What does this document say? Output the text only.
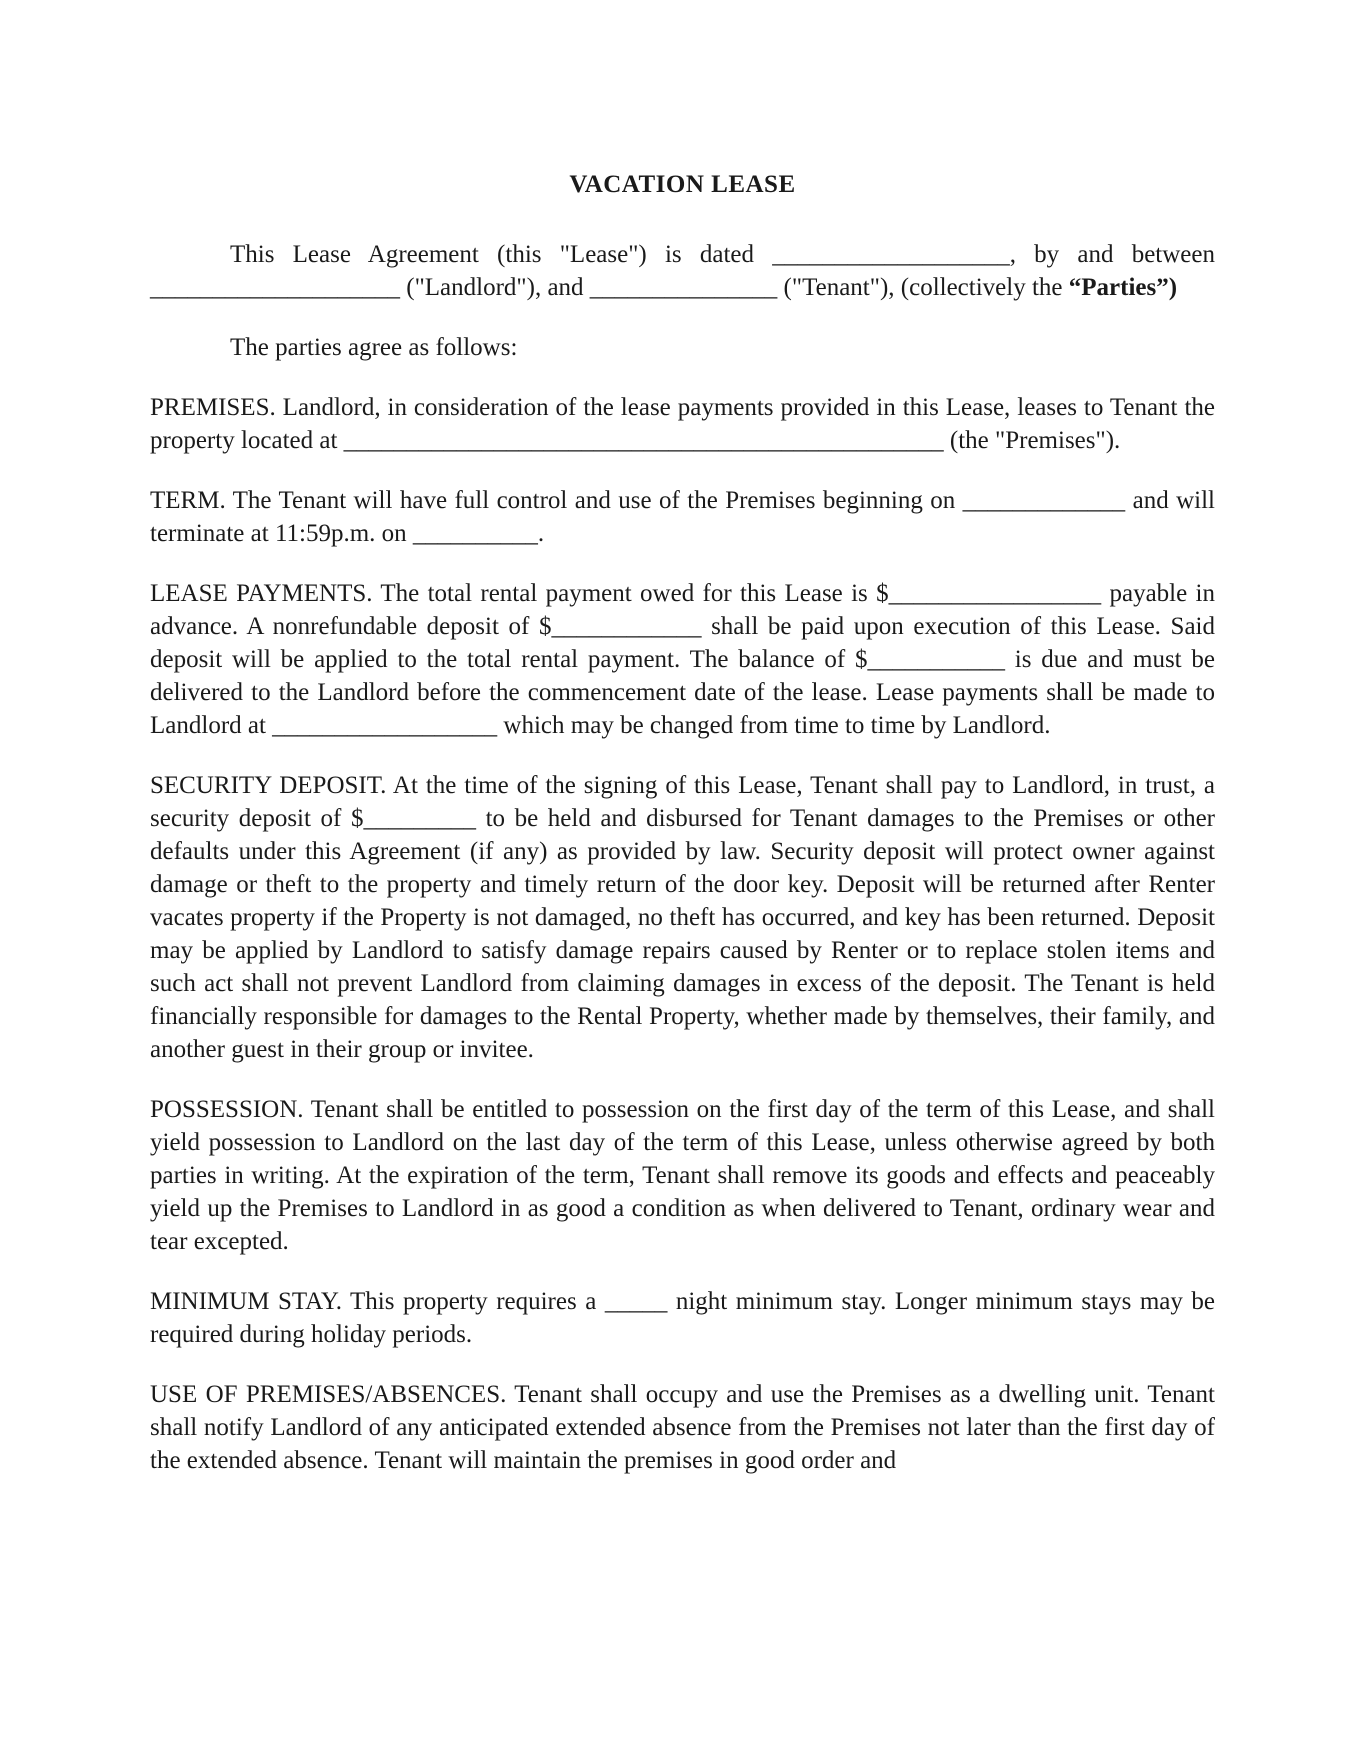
VACATION LEASE

This Lease Agreement (this "Lease") is dated ___________________, by and between ____________________ ("Landlord"), and _______________ ("Tenant"), (collectively the “Parties”)

The parties agree as follows:

PREMISES. Landlord, in consideration of the lease payments provided in this Lease, leases to Tenant the property located at ________________________________________________ (the "Premises").

TERM. The Tenant will have full control and use of the Premises beginning on _____________ and will terminate at 11:59p.m. on __________.

LEASE PAYMENTS. The total rental payment owed for this Lease is $_________________ payable in advance. A nonrefundable deposit of $____________ shall be paid upon execution of this Lease. Said deposit will be applied to the total rental payment. The balance of $___________ is due and must be delivered to the Landlord before the commencement date of the lease. Lease payments shall be made to Landlord at __________________ which may be changed from time to time by Landlord.

SECURITY DEPOSIT. At the time of the signing of this Lease, Tenant shall pay to Landlord, in trust, a security deposit of $_________ to be held and disbursed for Tenant damages to the Premises or other defaults under this Agreement (if any) as provided by law. Security deposit will protect owner against damage or theft to the property and timely return of the door key. Deposit will be returned after Renter vacates property if the Property is not damaged, no theft has occurred, and key has been returned. Deposit may be applied by Landlord to satisfy damage repairs caused by Renter or to replace stolen items and such act shall not prevent Landlord from claiming damages in excess of the deposit. The Tenant is held financially responsible for damages to the Rental Property, whether made by themselves, their family, and another guest in their group or invitee.

POSSESSION. Tenant shall be entitled to possession on the first day of the term of this Lease, and shall yield possession to Landlord on the last day of the term of this Lease, unless otherwise agreed by both parties in writing. At the expiration of the term, Tenant shall remove its goods and effects and peaceably yield up the Premises to Landlord in as good a condition as when delivered to Tenant, ordinary wear and tear excepted.

MINIMUM STAY. This property requires a _____ night minimum stay. Longer minimum stays may be required during holiday periods.

USE OF PREMISES/ABSENCES. Tenant shall occupy and use the Premises as a dwelling unit. Tenant shall notify Landlord of any anticipated extended absence from the Premises not later than the first day of the extended absence. Tenant will maintain the premises in good order and
